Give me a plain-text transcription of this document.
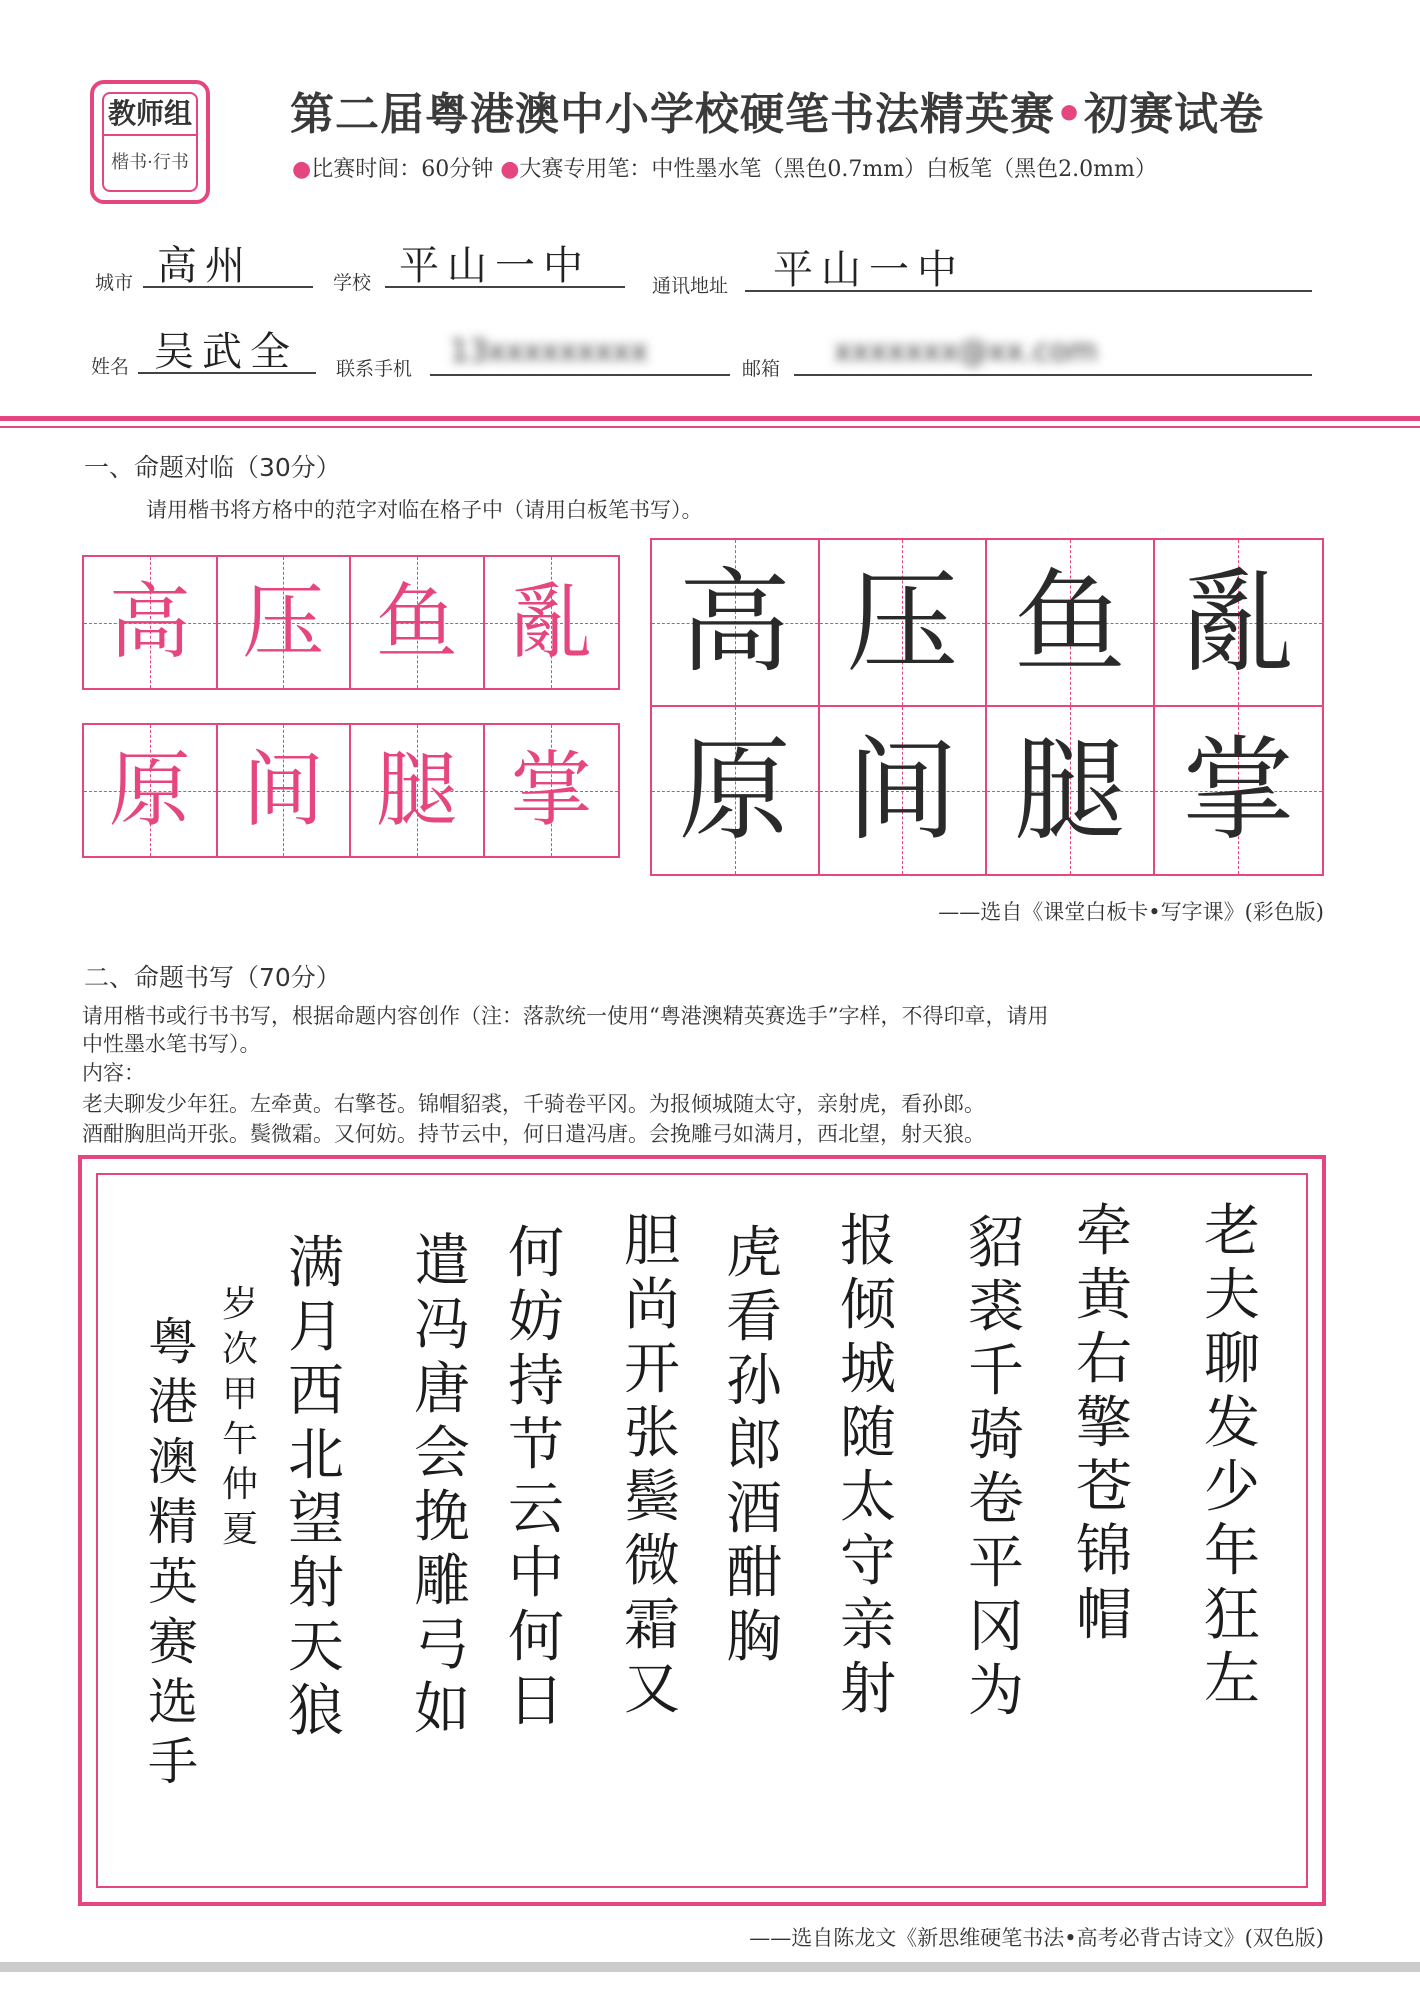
教师组
楷书·行书
第二届粤港澳中小学校硬笔书法精英赛•初赛试卷
●比赛时间：60分钟 ●大赛专用笔：中性墨水笔（黑色0.7mm）白板笔（黑色2.0mm）
城市 高州	学校 平山一中	通讯地址	平山一中
姓名 吴武全	联系手机	13xxxxxxxxx	邮箱	xxxxxxx@xx.com
一、命题对临（30分）
请用楷书将方格中的范字对临在格子中（请用白板笔书写）。
高 压 鱼 亂
原 间 腿 掌
高 压 鱼 亂
原 间 腿 掌
——选自《课堂白板卡•写字课》(彩色版)
二、命题书写（70分）
请用楷书或行书书写，根据命题内容创作（注：落款统一使用“粤港澳精英赛选手”字样，不得印章，请用
中性墨水笔书写）。
内容：
老夫聊发少年狂。左牵黄。右擎苍。锦帽貂裘，千骑卷平冈。为报倾城随太守，亲射虎，看孙郎。
酒酣胸胆尚开张。鬓微霜。又何妨。持节云中，何日遣冯唐。会挽雕弓如满月，西北望，射天狼。
老
夫
聊
发
少
年
狂
左
牵
黄
右
擎
苍
锦
帽
貂
裘
千
骑
卷
平
冈
为
报
倾
城
随
太
守
亲
射
虎
看
孙
郎
酒
酣
胸
胆
尚
开
张
鬓
微
霜
又
何
妨
持
节
云
中
何
日
遣
冯
唐
会
挽
雕
弓
如
满
月
西
北
望
射
天
狼
岁
次
甲
午
仲
夏
粤
港
澳
精
英
赛
选
手
——选自陈龙文《新思维硬笔书法•高考必背古诗文》(双色版)
